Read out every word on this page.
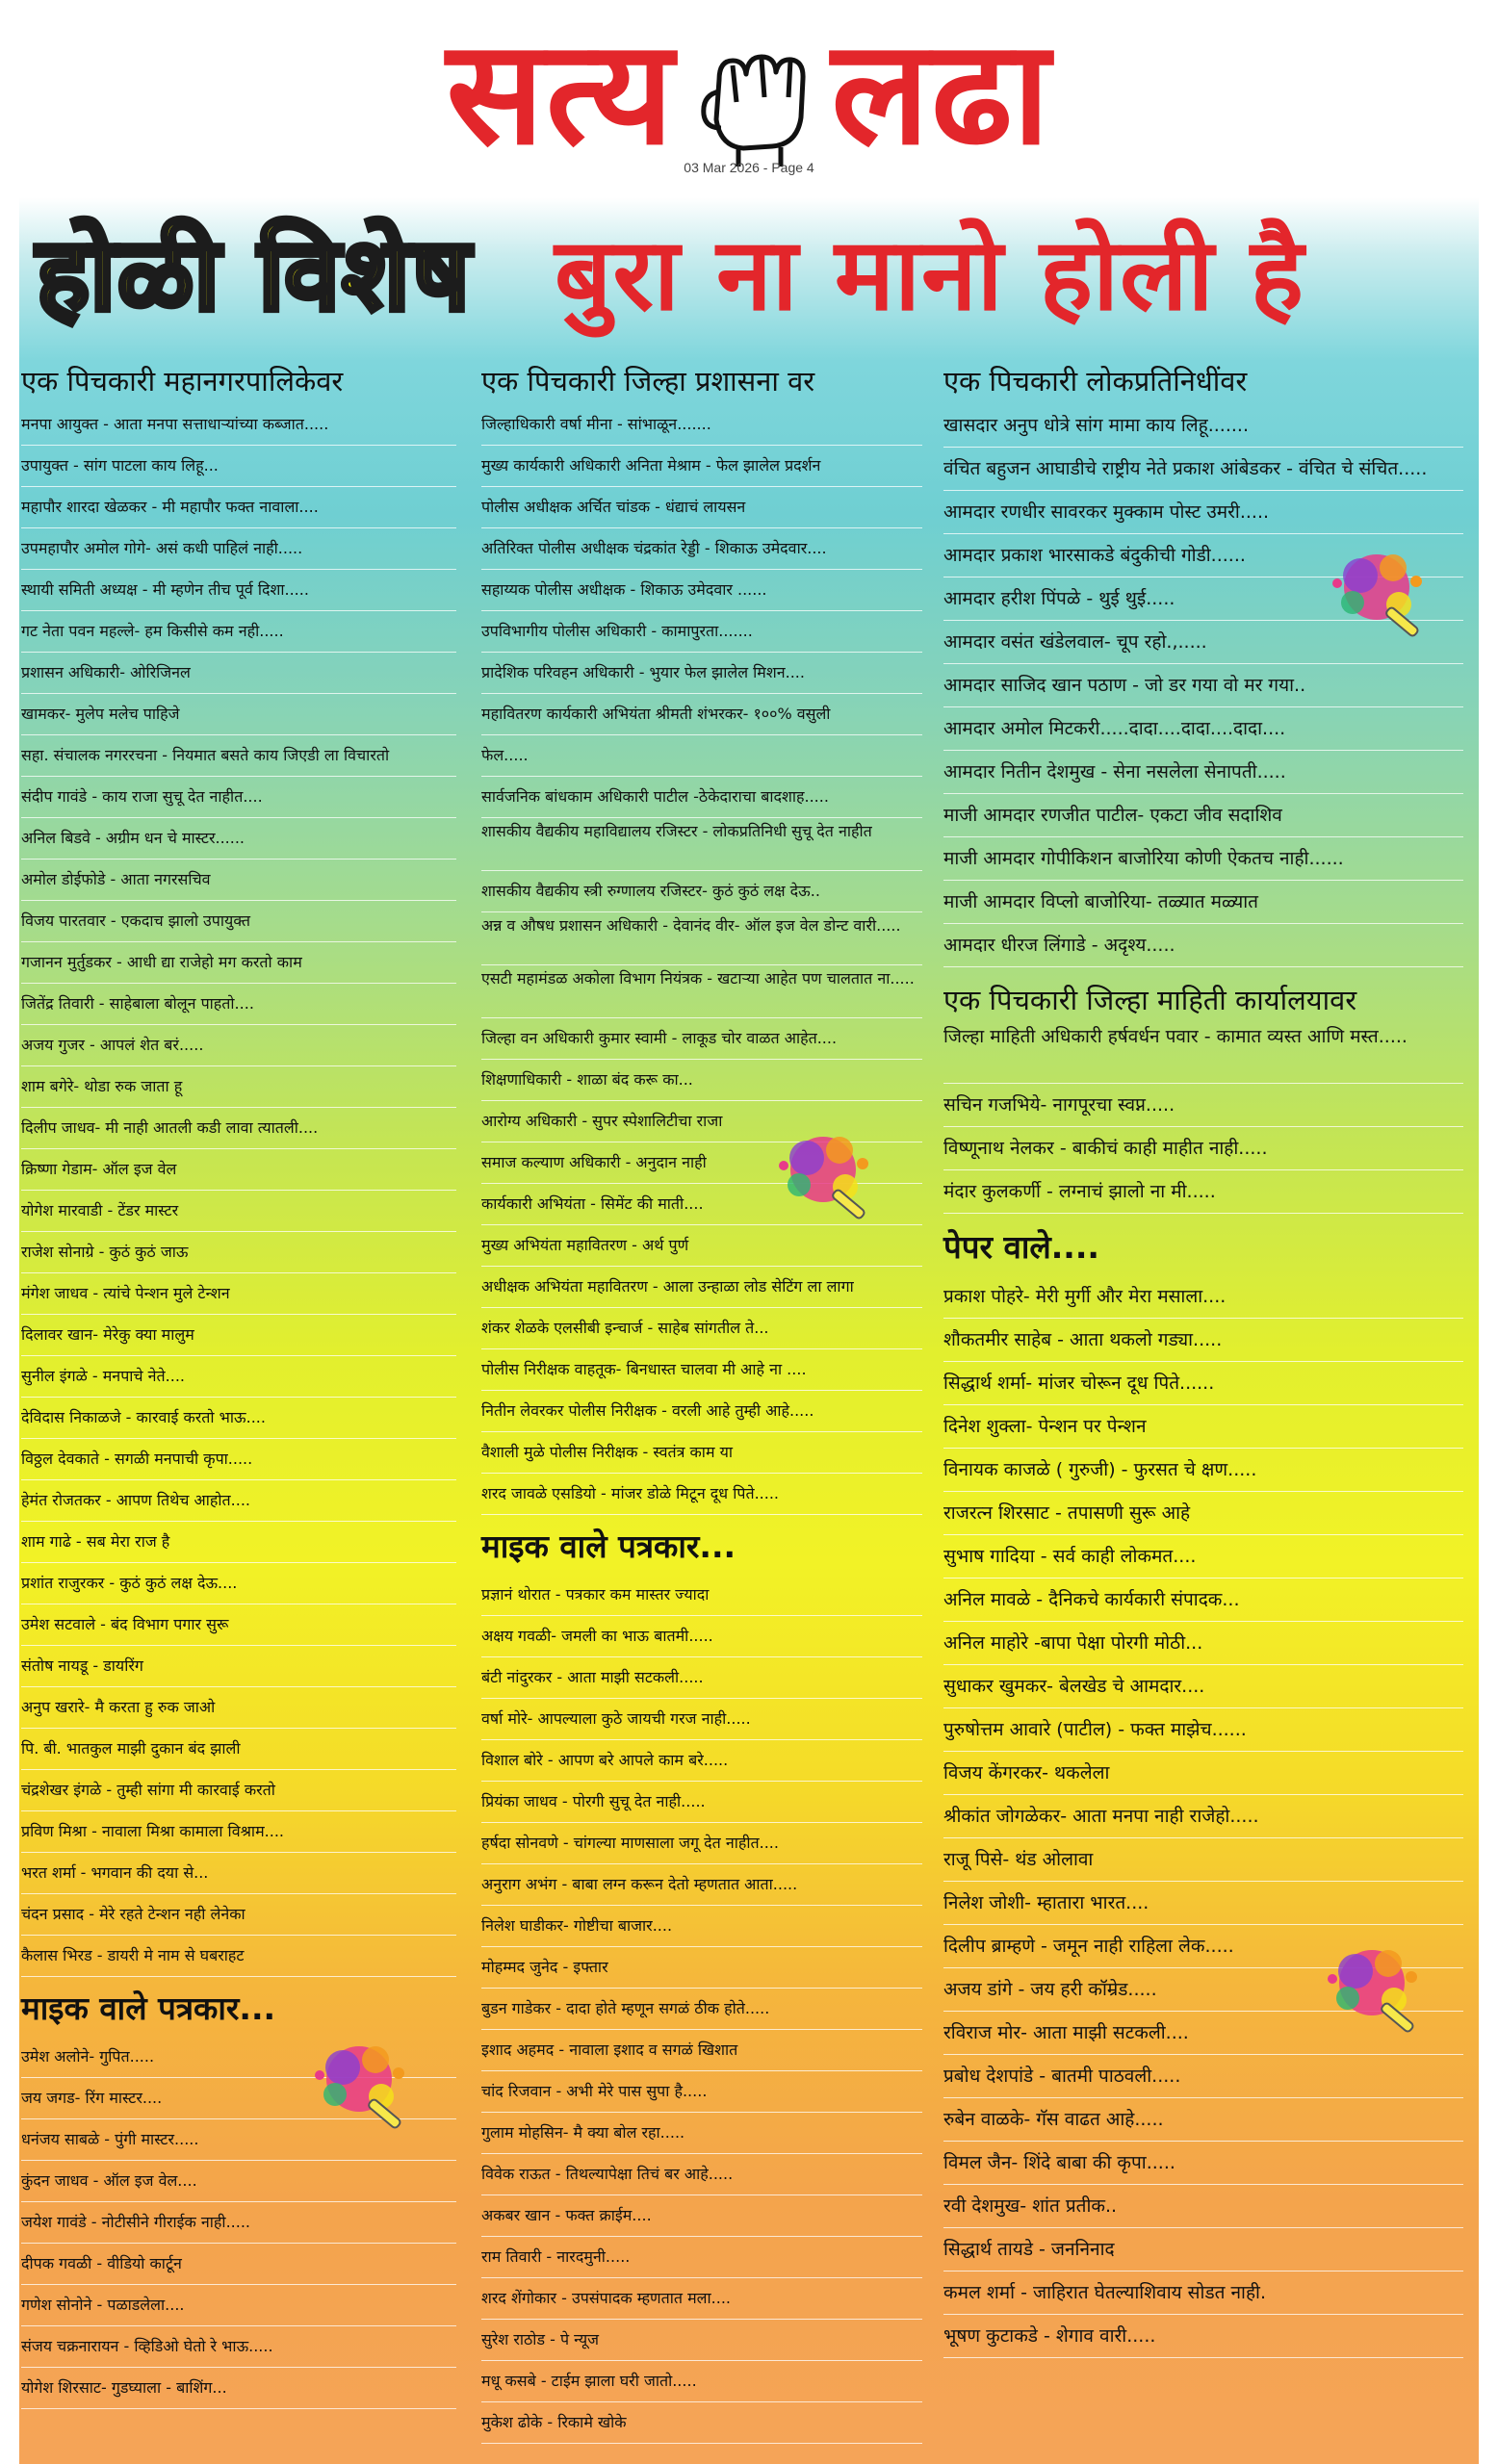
सत्य लढा
03 Mar 2026 - Page 4
होळी विशेष बुरा ना मानो होली है
एक पिचकारी महानगरपालिकेवर
मनपा आयुक्त - आता मनपा सत्ताधाऱ्यांच्या कब्जात.....
उपायुक्त - सांग पाटला काय लिहू...
महापौर शारदा खेळकर - मी महापौर फक्त नावाला....
उपमहापौर अमोल गोगे- असं कधी पाहिलं नाही.....
स्थायी समिती अध्यक्ष - मी म्हणेन तीच पूर्व दिशा.....
गट नेता पवन महल्ले- हम किसीसे कम नही.....
प्रशासन अधिकारी- ओरिजिनल
खामकर- मुलेप मलेच पाहिजे
सहा. संचालक नगररचना - नियमात बसते काय जिएडी ला विचारतो
संदीप गावंडे - काय राजा सुचू देत नाहीत....
अनिल बिडवे - अग्रीम धन चे मास्टर......
अमोल डोईफोडे - आता नगरसचिव
विजय पारतवार - एकदाच झालो उपायुक्त
गजानन मुर्तुडकर - आधी द्या राजेहो मग करतो काम
जितेंद्र तिवारी - साहेबाला बोलून पाहतो....
अजय गुजर - आपलं शेत बरं.....
शाम बगेरे- थोडा रुक जाता हू
दिलीप जाधव- मी नाही आतली कडी लावा त्यातली....
क्रिष्णा गेडाम- ऑल इज वेल
योगेश मारवाडी - टेंडर मास्टर
राजेश सोनाग्रे - कुठं कुठं जाऊ
मंगेश जाधव - त्यांचे पेन्शन मुले टेन्शन
दिलावर खान- मेरेकु क्या मालुम
सुनील इंगळे - मनपाचे नेते....
देविदास निकाळजे - कारवाई करतो भाऊ....
विठ्ठल देवकाते - सगळी मनपाची कृपा.....
हेमंत रोजतकर - आपण तिथेच आहोत....
शाम गाढे - सब मेरा राज है
प्रशांत राजुरकर - कुठं कुठं लक्ष देऊ....
उमेश सटवाले - बंद विभाग पगार सुरू
संतोष नायडू - डायरिंग
अनुप खरारे- मै करता हु रुक जाओ
पि. बी. भातकुल माझी दुकान बंद झाली
चंद्रशेखर इंगळे - तुम्ही सांगा मी कारवाई करतो
प्रविण मिश्रा - नावाला मिश्रा कामाला विश्राम....
भरत शर्मा - भगवान की दया से...
चंदन प्रसाद - मेरे रहते टेन्शन नही लेनेका
कैलास भिरड - डायरी मे नाम से घबराहट
माइक वाले पत्रकार...
उमेश अलोने- गुपित.....
जय जगड- रिंग मास्टर....
धनंजय साबळे - पुंगी मास्टर.....
कुंदन जाधव - ऑल इज वेल....
जयेश गावंडे - नोटीसीने गीराईक नाही.....
दीपक गवळी - वीडियो कार्टून
गणेश सोनोने - पळाडलेला....
संजय चक्रनारायन - व्हिडिओ घेतो रे भाऊ.....
योगेश शिरसाट- गुडघ्याला - बाशिंग...
एक पिचकारी जिल्हा प्रशासना वर
जिल्हाधिकारी वर्षा मीना - सांभाळून.......
मुख्य कार्यकारी अधिकारी अनिता मेश्राम - फेल झालेल प्रदर्शन
पोलीस अधीक्षक अर्चित चांडक - धंद्याचं लायसन
अतिरिक्त पोलीस अधीक्षक चंद्रकांत रेड्डी - शिकाऊ उमेदवार....
सहाय्यक पोलीस अधीक्षक - शिकाऊ उमेदवार ......
उपविभागीय पोलीस अधिकारी - कामापुरता.......
प्रादेशिक परिवहन अधिकारी - भुयार फेल झालेल मिशन....
महावितरण कार्यकारी अभियंता श्रीमती शंभरकर- १००% वसुली
फेल.....
सार्वजनिक बांधकाम अधिकारी पाटील -ठेकेदाराचा बादशाह.....
शासकीय वैद्यकीय महाविद्यालय रजिस्टर - लोकप्रतिनिधी सुचू देत नाहीत
शासकीय वैद्यकीय स्त्री रुग्णालय रजिस्टर- कुठं कुठं लक्ष देऊ..
अन्न व औषध प्रशासन अधिकारी - देवानंद वीर- ऑल इज वेल डोन्ट वारी.....
एसटी महामंडळ अकोला विभाग नियंत्रक - खटाऱ्या आहेत पण चालतात ना.....
जिल्हा वन अधिकारी कुमार स्वामी - लाकूड चोर वाळत आहेत....
शिक्षणाधिकारी - शाळा बंद करू का...
आरोग्य अधिकारी - सुपर स्पेशालिटीचा राजा
समाज कल्याण अधिकारी - अनुदान नाही
कार्यकारी अभियंता - सिमेंट की माती....
मुख्य अभियंता महावितरण - अर्थ पुर्ण
अधीक्षक अभियंता महावितरण - आला उन्हाळा लोड सेटिंग ला लागा
शंकर शेळके एलसीबी इन्चार्ज - साहेब सांगतील ते...
पोलीस निरीक्षक वाहतूक- बिनधास्त चालवा मी आहे ना ....
नितीन लेवरकर पोलीस निरीक्षक - वरली आहे तुम्ही आहे.....
वैशाली मुळे पोलीस निरीक्षक - स्वतंत्र काम या
शरद जावळे एसडियो - मांजर डोळे मिटून दूध पिते.....
माइक वाले पत्रकार...
प्रज्ञानं थोरात - पत्रकार कम मास्तर ज्यादा
अक्षय गवळी- जमली का भाऊ बातमी.....
बंटी नांदुरकर - आता माझी सटकली.....
वर्षा मोरे- आपल्याला कुठे जायची गरज नाही.....
विशाल बोरे - आपण बरे आपले काम बरे.....
प्रियंका जाधव - पोरगी सुचू देत नाही.....
हर्षदा सोनवणे - चांगल्या माणसाला जगू देत नाहीत....
अनुराग अभंग - बाबा लग्न करून देतो म्हणतात आता.....
निलेश घाडीकर- गोष्टीचा बाजार....
मोहम्मद जुनेद - इफ्तार
बुडन गाडेकर - दादा होते म्हणून सगळं ठीक होते.....
इशाद अहमद - नावाला इशाद व सगळं खिशात
चांद रिजवान - अभी मेरे पास सुपा है.....
गुलाम मोहसिन- मै क्या बोल रहा.....
विवेक राऊत - तिथल्यापेक्षा तिचं बर आहे.....
अकबर खान - फक्त क्राईम....
राम तिवारी - नारदमुनी.....
शरद शेंगोकार - उपसंपादक म्हणतात मला....
सुरेश राठोड - पे न्यूज
मधू कसबे - टाईम झाला घरी जातो.....
मुकेश ढोके - रिकामे खोके
एक पिचकारी लोकप्रतिनिधींवर
खासदार अनुप धोत्रे सांग मामा काय लिहू.......
वंचित बहुजन आघाडीचे राष्ट्रीय नेते प्रकाश आंबेडकर - वंचित चे संचित.....
आमदार रणधीर सावरकर मुक्काम पोस्ट उमरी.....
आमदार प्रकाश भारसाकडे बंदुकीची गोडी......
आमदार हरीश पिंपळे - थुई थुई.....
आमदार वसंत खंडेलवाल- चूप रहो.,.....
आमदार साजिद खान पठाण - जो डर गया वो मर गया..
आमदार अमोल मिटकरी.....दादा....दादा....दादा....
आमदार नितीन देशमुख - सेना नसलेला सेनापती.....
माजी आमदार रणजीत पाटील- एकटा जीव सदाशिव
माजी आमदार गोपीकिशन बाजोरिया कोणी ऐकतच नाही......
माजी आमदार विप्लो बाजोरिया- तळ्यात मळ्यात
आमदार धीरज लिंगाडे - अदृश्य.....
एक पिचकारी जिल्हा माहिती कार्यालयावर
जिल्हा माहिती अधिकारी हर्षवर्धन पवार - कामात व्यस्त आणि मस्त.....
सचिन गजभिये- नागपूरचा स्वप्न.....
विष्णूनाथ नेलकर - बाकीचं काही माहीत नाही.....
मंदार कुलकर्णी - लग्नाचं झालो ना मी.....
पेपर वाले....
प्रकाश पोहरे- मेरी मुर्गी और मेरा मसाला....
शौकतमीर साहेब - आता थकलो गड्या.....
सिद्धार्थ शर्मा- मांजर चोरून दूध पिते......
दिनेश शुक्ला- पेन्शन पर पेन्शन
विनायक काजळे ( गुरुजी) - फुरसत चे क्षण.....
राजरत्न शिरसाट - तपासणी सुरू आहे
सुभाष गादिया - सर्व काही लोकमत....
अनिल मावळे - दैनिकचे कार्यकारी संपादक...
अनिल माहोरे -बापा पेक्षा पोरगी मोठी...
सुधाकर खुमकर- बेलखेड चे आमदार....
पुरुषोत्तम आवारे (पाटील) - फक्त माझेच......
विजय केंगरकर- थकलेला
श्रीकांत जोगळेकर- आता मनपा नाही राजेहो.....
राजू पिसे- थंड ओलावा
निलेश जोशी- म्हातारा भारत....
दिलीप ब्राम्हणे - जमून नाही राहिला लेक.....
अजय डांगे - जय हरी कॉम्रेड.....
रविराज मोर- आता माझी सटकली....
प्रबोध देशपांडे - बातमी पाठवली.....
रुबेन वाळके- गॅस वाढत आहे.....
विमल जैन- शिंदे बाबा की कृपा.....
रवी देशमुख- शांत प्रतीक..
सिद्धार्थ तायडे - जननिनाद
कमल शर्मा - जाहिरात घेतल्याशिवाय सोडत नाही.
भूषण कुटाकडे - शेगाव वारी.....
